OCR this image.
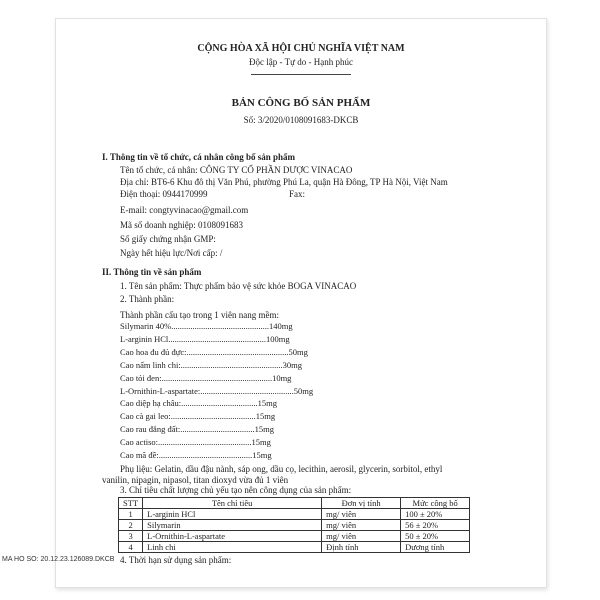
CỘNG HÒA XÃ HỘI CHỦ NGHĨA VIỆT NAM
Độc lập - Tự do - Hạnh phúc
BẢN CÔNG BỐ SẢN PHẨM
Số: 3/2020/0108091683-DKCB
I. Thông tin về tổ chức, cá nhân công bố sản phẩm
Tên tổ chức, cá nhân: CÔNG TY CỔ PHẦN DƯỢC VINACAO
Địa chỉ: BT6-6 Khu đô thị Văn Phú, phường Phú La, quận Hà Đông, TP Hà Nội, Việt Nam
Điện thoại: 0944170999	Fax:
E-mail: congtyvinacao@gmail.com
Mã số doanh nghiệp: 0108091683
Số giấy chứng nhận GMP:
Ngày hết hiệu lực/Nơi cấp: /
II. Thông tin về sản phẩm
1. Tên sản phẩm: Thực phẩm bảo vệ sức khỏe BOGA VINACAO
2. Thành phần:
Thành phần cấu tạo trong 1 viên nang mềm:
Silymarin 40%..............................................140mg
L-arginin HCl..............................................100mg
Cao hoa đu đủ đực:................................................50mg
Cao nấm linh chi:................................................30mg
Cao tỏi đen:....................................................10mg
L-Ornithin-L-aspartate:............................................50mg
Cao diệp hạ châu:....................................15mg
Cao cà gai leo:........................................15mg
Cao rau đắng đất:...................................15mg
Cao actiso:............................................15mg
Cao mã đề:............................................15mg
Phụ liệu: Gelatin, dầu đậu nành, sáp ong, dầu cọ, lecithin, aerosil, glycerin, sorbitol, ethyl
vanilin, nipagin, nipasol, titan dioxyd vừa đủ 1 viên
3. Chỉ tiêu chất lượng chủ yếu tạo nên công dụng của sản phẩm:
STT	Tên chỉ tiêu	Đơn vị tính	Mức công bố
1	L-arginin HCl	mg/ viên	100 ± 20%
2	Silymarin	mg/ viên	56 ± 20%
3	L-Ornithin-L-aspartate	mg/ viên	50 ± 20%
4	Linh chi	Định tính	Dương tính
4. Thời hạn sử dụng sản phẩm:
MA HO SO: 20.12.23.126089.DKCB
